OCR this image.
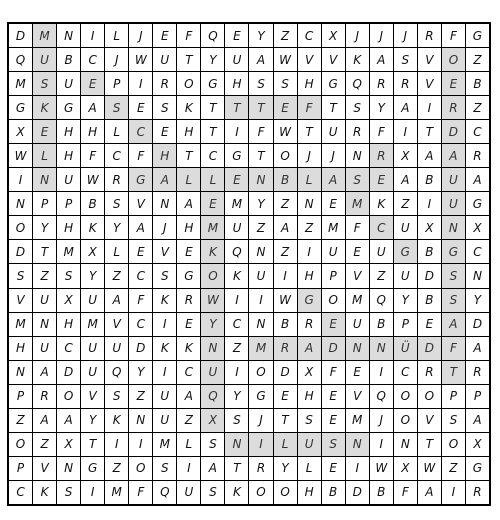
D	M	N	I	L	J	E	F	Q	E	Y	Z	C	X	J	J	J	R	F	G
Q	U	B	C	J	W	U	T	Y	U	A	W	V	V	K	A	S	V	O	Z
M	S	U	E	P	I	R	O	G	H	S	S	H	G	Q	R	R	V	E	B
G	K	G	A	S	E	S	K	T	T	T	E	F	T	S	Y	A	I	R	Z
X	E	H	H	L	C	E	H	T	I	F	W	T	U	R	F	I	T	D	C
W	L	H	F	C	F	H	T	C	G	T	O	J	J	N	R	X	A	A	R
I	N	U	W	R	G	A	L	L	E	N	B	L	A	S	E	A	B	U	A
N	P	P	B	S	V	N	A	E	M	Y	Z	N	E	M	K	Z	I	U	G
O	Y	H	K	Y	A	J	H	M	U	Z	A	Z	M	F	C	U	X	N	X
D	T	M	X	L	E	V	E	K	Q	N	Z	I	U	E	U	G	B	G	C
S	Z	S	Y	Z	C	S	G	O	K	U	I	H	P	V	Z	U	D	S	N
V	U	X	U	A	F	K	R	W	I	I	W	G	O	M	Q	Y	B	S	Y
M	N	H	M	V	C	I	E	Y	C	N	B	R	E	U	B	P	E	A	D
H	U	C	U	U	D	K	K	N	Z	M	R	A	D	N	N	Ü	D	F	A
N	A	D	U	Q	Y	I	C	U	I	O	D	X	F	E	I	C	R	T	R
P	R	O	V	S	Z	U	A	Q	Y	G	E	H	E	V	Q	O	O	P	P
Z	A	A	Y	K	N	U	Z	X	S	J	T	S	E	M	J	O	V	S	A
O	Z	X	T	I	I	M	L	S	N	I	L	U	S	N	I	N	T	O	X
P	V	N	G	Z	O	S	I	A	T	R	Y	L	E	I	W	X	W	Z	G
C	K	S	I	M	F	Q	U	S	K	O	O	H	B	D	B	F	A	I	R
